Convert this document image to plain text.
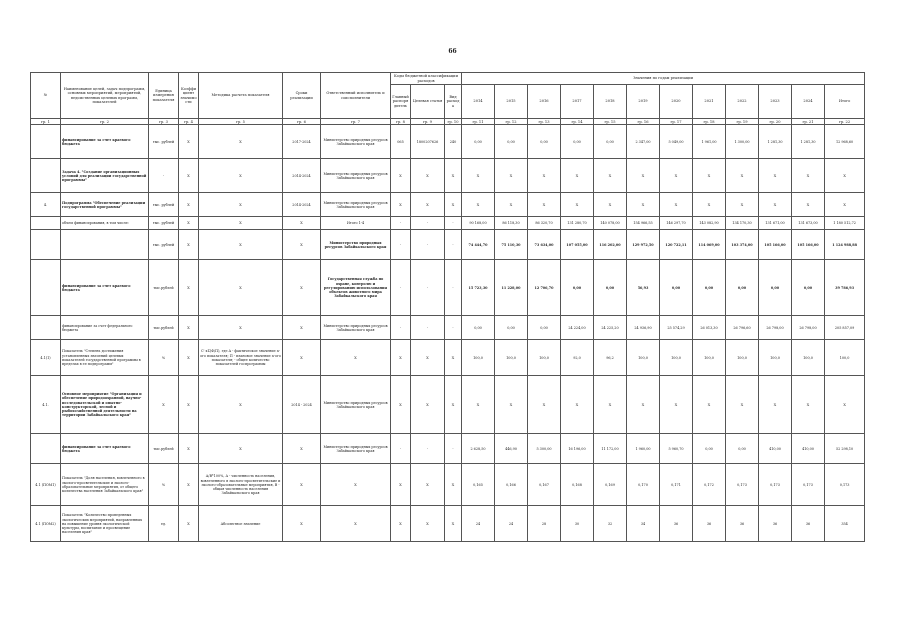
66
№	Наименование целей, задач подпрограмм, основных мероприятий, мероприятий, ведомственных целевых программ, показателей	Единица измерения показателя	Коэффициент значимости	Методика расчета показателя	Сроки реализации	Ответственный исполнитель и соисполнители	Коды бюджетной классификации расходов			Значения по годам реализации											
							Главный распорядитель	Целевая статья	Вид расхода	2014	2015	2016	2017	2018	2019	2020	2021	2022	2023	2024	Итого
гр. 1	гр. 2	гр. 3	гр. 4	гр. 5	гр. 6	гр. 7	гр. 8	гр. 9	гр. 10	гр. 11	гр. 12	гр. 13	гр. 14	гр. 15	гр. 16	гр. 17	гр. 18	гр. 19	гр. 20	гр. 21	гр. 22
	финансирование за счет краевого бюджета	тыс. рублей	X	X	2017-2024	Министерство природных ресурсов Забайкальского края	065	1800207626	240	0,00	0,00	0,00	0,00	0,00	2 347,00	5 049,00	1 961,00	1 300,00	1 281,30	1 281,30	12 968,60
	Задача 4. "Создание организационных условий для реализации государственной программы"	-	X	X	2014-2024	Министерство природных ресурсов Забайкальского края	X	X	X	X	X	X	X	X	X	X	X	X	X	X	X
4.	Подпрограмма "Обеспечение реализации государственной программы"	тыс. рублей	X	X	2014-2024	Министерство природных ресурсов Забайкальского края	X	X	X	X	X	X	X	X	X	X	X	X	X	X	X
	объем финансирования, в том числе:	тыс. рублей	X	X	X	Итого 1-4	-	-	-	90 168,00	86 118,30	86 320,70	131 280,70	140 078,00	154 966,55	146 297,70	143 082,90	134 170,30	131 671,00	131 673,00	1 180 512,72
		тыс. рублей	X	X	X	Министерство природных ресурсов Забайкальского края	-	-	-	74 444,70	75 110,30	73 634,00	107 055,00	116 202,00	129 972,50	120 722,11	114 069,00	103 374,00	105 166,00	105 166,00	1 124 988,88
	финансирование за счет краевого бюджета	тыс.рублей	X	X	X	Государственная служба по охране, контролю и регулированию использования объектов животного мира Забайкальского края	-	-	-	15 723,30	11 228,00	12 706,70	0,00	0,00	56,93	0,00	0,00	0,00	0,00	0,00	39 786,93
	финансирование за счет федерального бюджета	тыс.рублей	X	X	X	Министерство природных ресурсов Забайкальского края	-	-	-	0,00	0,00	0,00	24 224,00	24 225,20	24 936,90	25 574,29	26 013,30	26 796,60	26 798,00	26 798,00	205 857,09
4.1(1)	Показатель "Степень достижения установленных значений целевых показателей государственной программы в пределах в ее подпрограмм"	%	X	С' хΣ(Ф/П), где А - фактическое значение n-ого показателя; П - плановое значение n-ого показателя; - общее количество показателей госпрограммы	X	X	X	X	X	100,0	100,0	100,0	92,0	96,2	100,0	100,0	100,0	100,0	100,0	100,0	100,0
4.1.	Основное мероприятие "Организация и обеспечение природоохранной, научно-исследовательской и опытно-конструкторской, лесной и рыбохозяйственной деятельности на территории Забайкальского края"	X	X	X	2014 - 2024	Министерство природных ресурсов Забайкальского края	X	X	X	X	X	X	X	X	X	X	X	X	X	X	X
	финансирование за счет краевого бюджета	тыс.рублей	X	X	X	Министерство природных ресурсов Забайкальского края	-	-	-	2 628,50	446,90	5 300,00	16 196,00	11 172,00	1 960,00	5 960,70	0,00	0,00	410,00	410,00	52 298,10
4.1 (ПОМ1)	Показатель "Доля населения, вовлеченного в эколого-просветительские и эколого-образовательные мероприятия, от общего количества населения Забайкальского края"	%	X	А/В*100%, А - численность населения, вовлеченного в эколого-просветительские и эколого-образовательные мероприятия, В - общая численность населения Забайкальского края	X	X	X	X	X	0,165	0,166	0,167	0,168	0,169	0,170	0,171	0,172	0,173	0,173	0,173	0,173
4.1 (ПОМ2)	Показатель "Количество проведенных экологических мероприятий, направленных на повышение уровня экологической культуры, воспитание и просвещение населения края"	ед.	X	Абсолютное значение	X	X	X	X	X	24	24	28	30	32	34	36	36	36	36	36	354
